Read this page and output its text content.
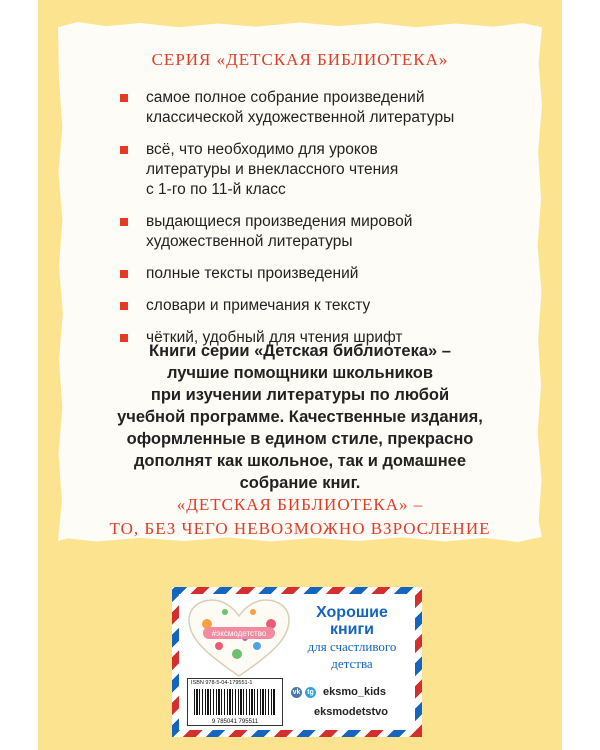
СЕРИЯ «ДЕТСКАЯ БИБЛИОТЕКА»
самое полное собрание произведений
классической художественной литературы
всё, что необходимо для уроков
литературы и внеклассного чтения
с 1-го по 11-й класс
выдающиеся произведения мировой
художественной литературы
полные тексты произведений
словари и примечания к тексту
чёткий, удобный для чтения шрифт
Книги серии «Детская библиотека» –
лучшие помощники школьников
при изучении литературы по любой
учебной программе. Качественные издания,
оформленные в едином стиле, прекрасно
дополнят как школьное, так и домашнее
собрание книг.
«ДЕТСКАЯ БИБЛИОТЕКА» –
ТО, БЕЗ ЧЕГО НЕВОЗМОЖНО ВЗРОСЛЕНИЕ
#эксмодетство
Хорошие
книги
для счастливого
детства
ISBN 978-5-04-179551-1
9 785041 795511
vk tg eksmo_kids
eksmodetstvo
